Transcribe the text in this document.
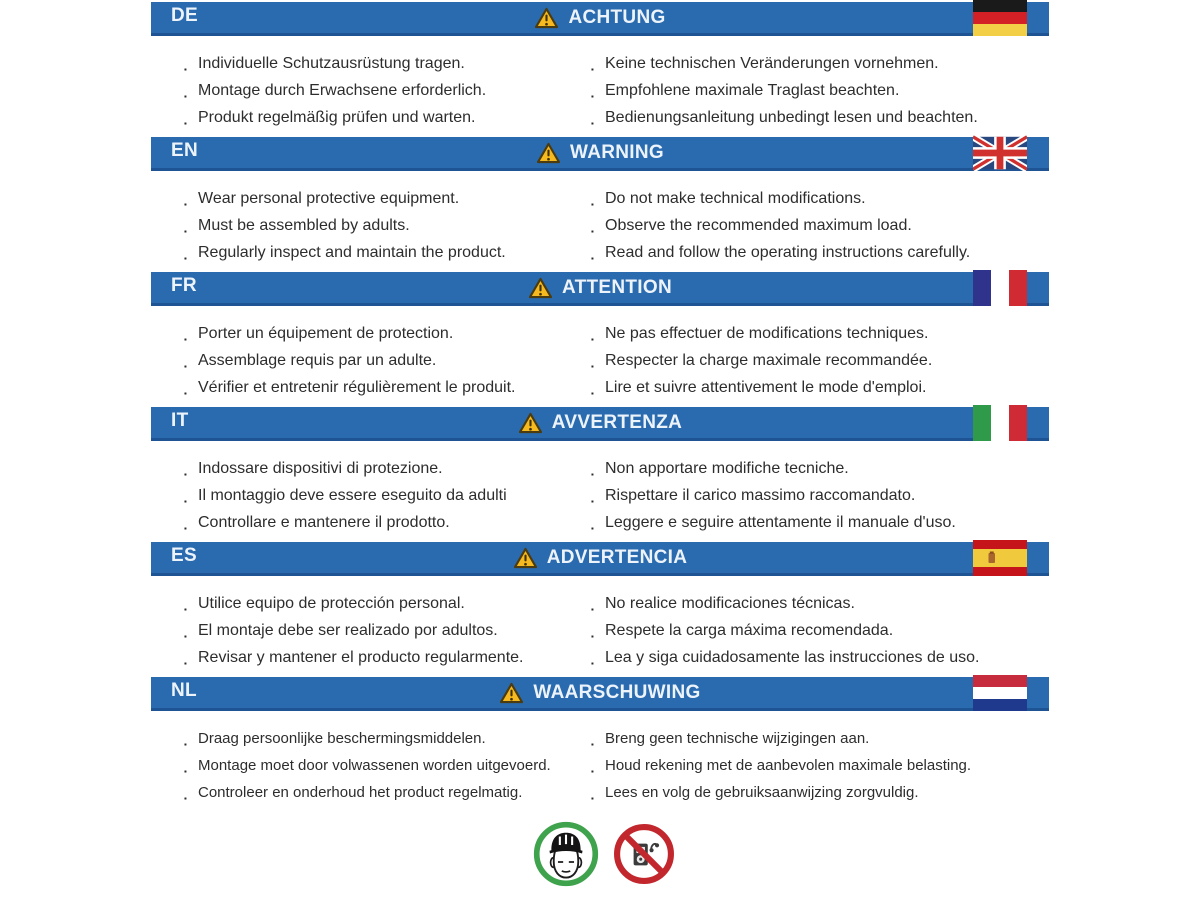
DE	ACHTUNG
▪ Individuelle Schutzausrüstung tragen.
▪ Montage durch Erwachsene erforderlich.
▪ Produkt regelmäßig prüfen und warten.
▪ Keine technischen Veränderungen vornehmen.
▪ Empfohlene maximale Traglast beachten.
▪ Bedienungsanleitung unbedingt lesen und beachten.
EN	WARNING
▪ Wear personal protective equipment.
▪ Must be assembled by adults.
▪ Regularly inspect and maintain the product.
▪ Do not make technical modifications.
▪ Observe the recommended maximum load.
▪ Read and follow the operating instructions carefully.
FR	ATTENTION
▪ Porter un équipement de protection.
▪ Assemblage requis par un adulte.
▪ Vérifier et entretenir régulièrement le produit.
▪ Ne pas effectuer de modifications techniques.
▪ Respecter la charge maximale recommandée.
▪ Lire et suivre attentivement le mode d'emploi.
IT	AVVERTENZA
▪ Indossare dispositivi di protezione.
▪ Il montaggio deve essere eseguito da adulti
▪ Controllare e mantenere il prodotto.
▪ Non apportare modifiche tecniche.
▪ Rispettare il carico massimo raccomandato.
▪ Leggere e seguire attentamente il manuale d'uso.
ES	ADVERTENCIA
▪ Utilice equipo de protección personal.
▪ El montaje debe ser realizado por adultos.
▪ Revisar y mantener el producto regularmente.
▪ No realice modificaciones técnicas.
▪ Respete la carga máxima recomendada.
▪ Lea y siga cuidadosamente las instrucciones de uso.
NL	WAARSCHUWING
▪ Draag persoonlijke beschermingsmiddelen.
▪ Montage moet door volwassenen worden uitgevoerd.
▪ Controleer en onderhoud het product regelmatig.
▪ Breng geen technische wijzigingen aan.
▪ Houd rekening met de aanbevolen maximale belasting.
▪ Lees en volg de gebruiksaanwijzing zorgvuldig.
